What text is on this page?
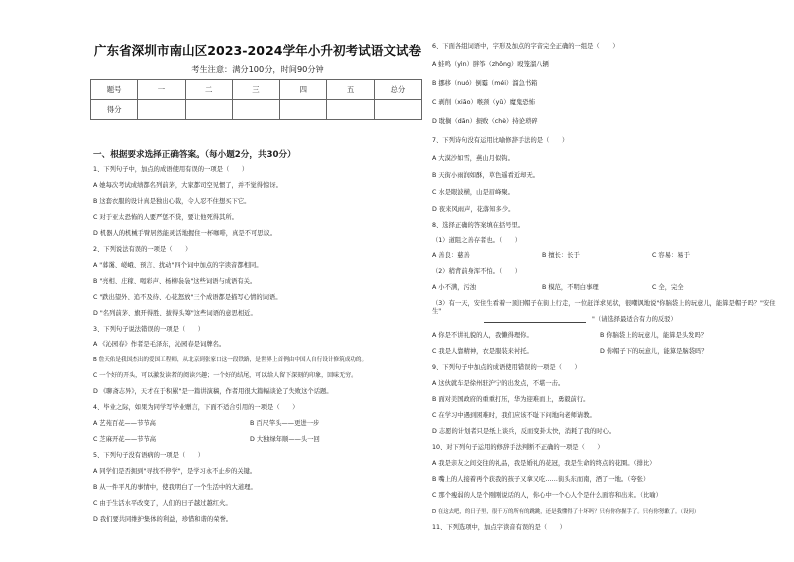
广东省深圳市南山区2023-2024学年小升初考试语文试卷
考生注意：满分100分，时间90分钟
题号	一	二	三	四	五	总分
得分						
一、根据要求选择正确答案。（每小题2分，共30分）
1、下列句子中，加点的成语使用有误的一项是（　　）
A 她每次考试成绩都名列前茅，大家都司空见惯了，并不觉得惊讶。
B 这套衣服的设计真是独出心裁，令人忍不住想买下它。
C 对于亚太恐怖的人要严惩不贷，要让他死得其所。
D 机器人的机械手臂居然能灵活地握住一杯咖啡，真是不可思议。
2、下列说法有误的一项是（　　）
A "暮霭、嵯峨、预言、扰动"四个词中加点的字读音都相同。
B "亮相、庄稼、喝彩声、杨柳袅袅"这些词语与成语有关。
C "跌出望外、追不及待、心花怒放"三个成语都是描写心情的词语。
D "名列前茅、旗开得胜、拔得头筹"这些词语的意思相近。
3、下列句子说法错误的一项是（　　）
A 《沁园春》作者是毛泽东，沁园春是词牌名。
B 詹天佑是我国杰出的爱国工程师，从北京到张家口这一段铁路，是世界上首例由中国人自行设计修筑成功的。
C 一个好的开头，可以激发读者的阅读兴趣；一个好的结尾，可以给人留下深刻的印象，回味无穷。
D 《聊斋志异》，天才在于积累"是一篇讲演稿，作者用很大篇幅谈论了失败这个话题。
4、毕业之际，如果为同学写毕业赠言，下面不适合引用的一项是（　　）
A 艺苑百花——节节高	B 百尺竿头——更进一步
C 芝麻开花——节节高	D 大独绿年顺——头一回
5、下列句子没有语病的一项是（　　）
A 同学们是否拥到"寻找不停学"，是学习永不止步的关键。
B 从一件平凡的事情中，使我明白了一个生活中的大道理。
C 由于生活水平改变了，人们的日子越过越红火。
D 我们要共同维护集体的利益，珍惜和谐的荣誉。
6、下面各组词语中，字形及加点的字音完全正确的一组是（　　）
A 蛙鸣（yìn）胖筝（zhōng）殴笼溜八辆
B 挪移（nuó）倒霉（méi）溜急书箱
C 剥削（xiāo）喉颈（yǔ）魔鬼恐怖
D 耽搁（dān）损败（chè）持论琐碎
7、下列诗句没有运用比喻修辞手法的是（　　）
A 大漠沙如雪，燕山月似钩。
B 天街小雨润如酥，草色遥看近却无。
C 水是眼波横，山是眉峰聚。
D 夜来风雨声，花落知多少。
8、选择正确的答案填在括号里。
（1）道阻之善存者也。（　　）
A 善良：慈善	B 擅长：长于	C 容易：易于
（2）稍背前身浑不怕。（　　）
A 小不满，污浊	B 模范，不明白事理	C 全，完全
（3）有一天，安住生看着一顶旧帽子在街上行走，一位赶洋求见状，很嘲讽地说"你脑袋上的玩意儿，能算是帽子吗？"安住生"
"（请选择最适合有力的反驳）
A 你是不讲礼貌的人，我懒得理你。	B 你脑袋上的玩意儿，能算是头发吗？
C 我是人靠精神，衣是服装来衬托。	D 你帽子下的玩意儿，能算是脑袋吗？
9、下列句子中加点的成语使用错误的一项是（　　）
A 这伙就车是徐州驻沪宁的出发点，不堪一击。
B 面对美国政府的重重打压，华为迎难而上，勇毅前行。
C 在学习中遇到困难时，我们应该不耻下问地向老师请教。
D 志愿的计划者只是纸上谈兵，反而变卦太快，消耗了我的时心。
10、对下列句子运用的修辞手法判断不正确的一项是（　　）
A 我是亲友之间交往的礼品，我是婚礼的花冠，我是生命的终点的花圈。（排比）
B 嘴上的人接着再个获我的孩子又拿又吃……街头东而南，酒了一地。（夸张）
C 那个瘦弱的人是个刚刚说话的人，你心中一个心人个是什么面容和出来。（比喻）
D 在这去吧，的日子里，很千万的所有的跳跳，还是我懂得了十坏吗？只有你你握手了。只有你努歉了。（设问）
11、下列选项中，加点字读音有误的是（　　）
